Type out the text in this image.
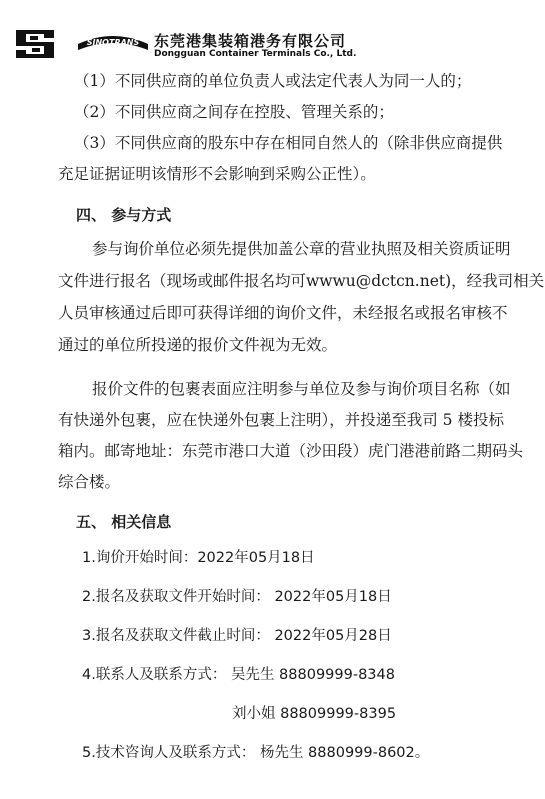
SINOTRANS 东莞港集装箱港务有限公司
Dongguan Container Terminals Co., Ltd.
（1）不同供应商的单位负责人或法定代表人为同一人的；
（2）不同供应商之间存在控股、管理关系的；
（3）不同供应商的股东中存在相同自然人的（除非供应商提供
充足证据证明该情形不会影响到采购公正性）。
四、 参与方式
参与询价单位必须先提供加盖公章的营业执照及相关资质证明
文件进行报名（现场或邮件报名均可wwwu@dctcn.net)，经我司相关
人员审核通过后即可获得详细的询价文件，未经报名或报名审核不
通过的单位所投递的报价文件视为无效。
报价文件的包裹表面应注明参与单位及参与询价项目名称（如
有快递外包裹，应在快递外包裹上注明），并投递至我司 5 楼投标
箱内。邮寄地址：东莞市港口大道（沙田段）虎门港港前路二期码头
综合楼。
五、 相关信息
1.询价开始时间：2022年05月18日
2.报名及获取文件开始时间： 2022年05月18日
3.报名及获取文件截止时间： 2022年05月28日
4.联系人及联系方式： 吴先生 88809999-8348
刘小姐 88809999-8395
5.技术咨询人及联系方式： 杨先生 8880999-8602。
